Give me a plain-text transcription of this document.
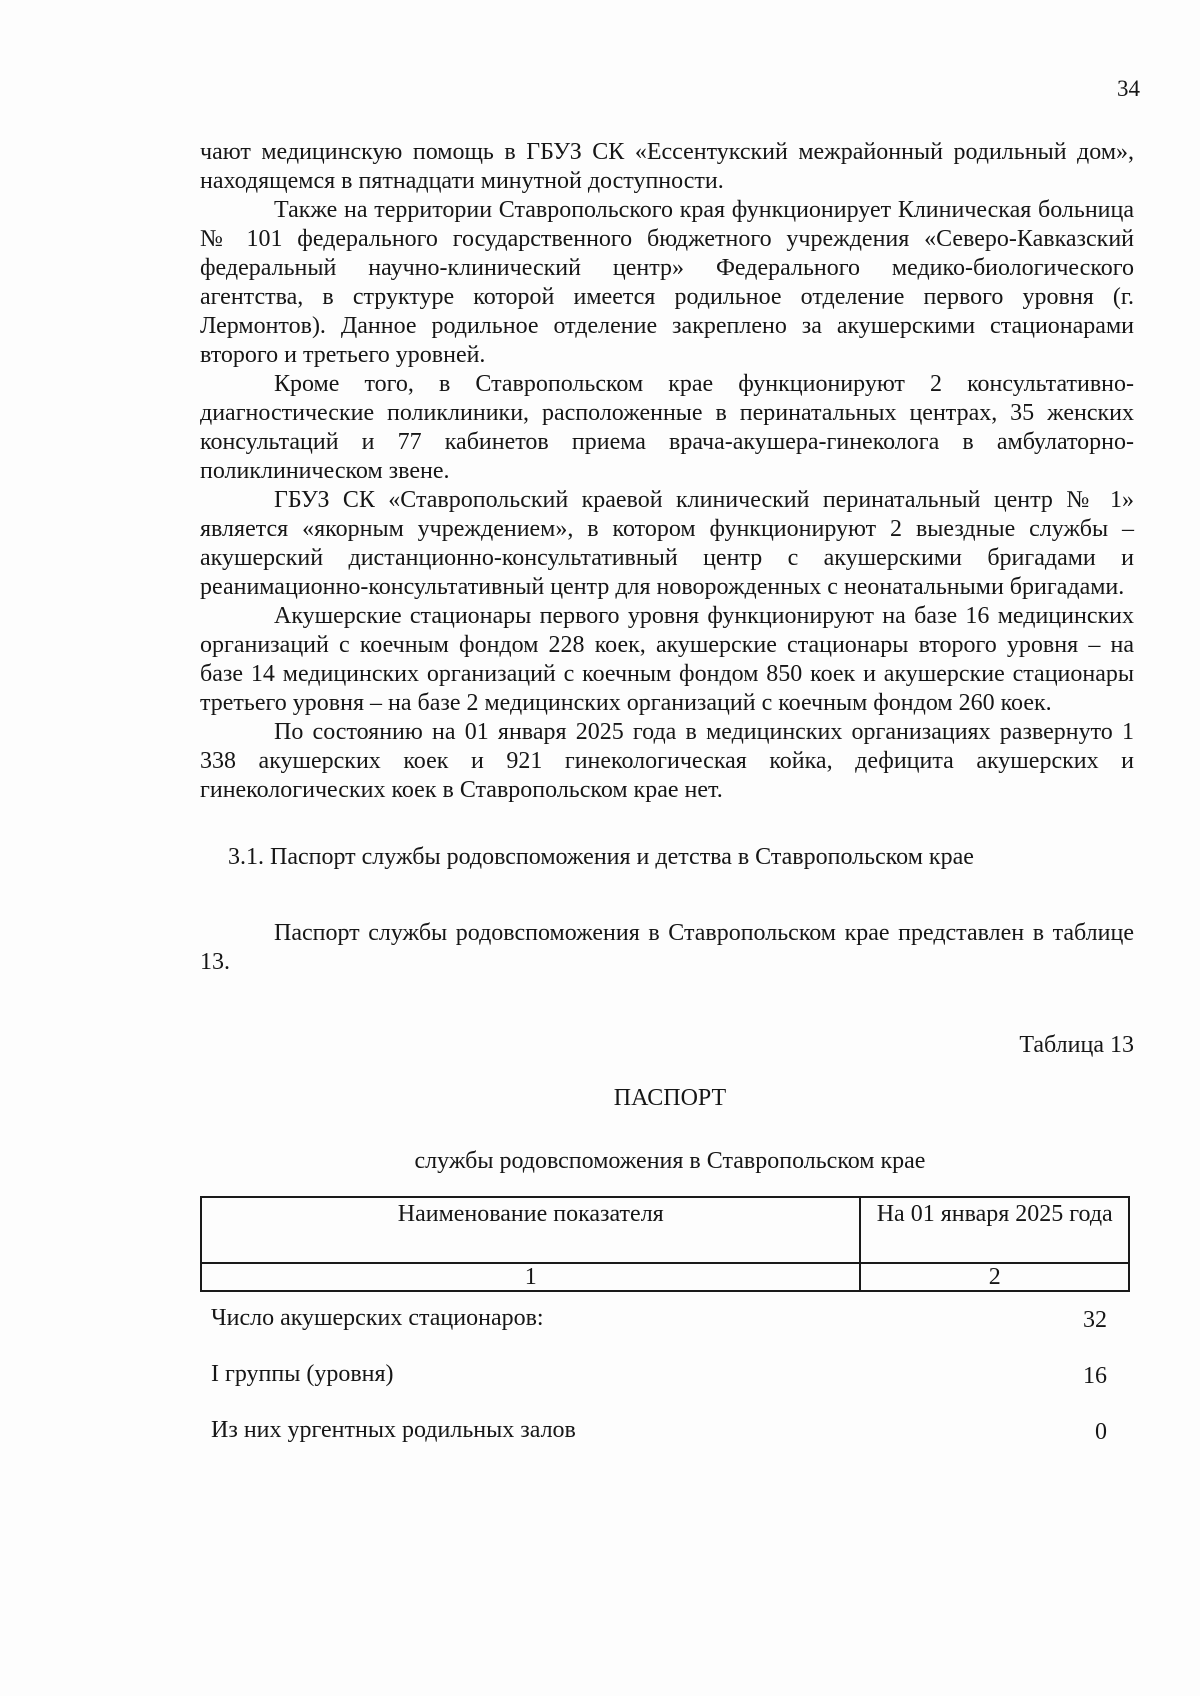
34

чают медицинскую помощь в ГБУЗ СК «Ессентукский межрайонный родильный дом», находящемся в пятнадцати минутной доступности.

Также на территории Ставропольского края функционирует Клиническая больница № 101 федерального государственного бюджетного учреждения «Северо-Кавказский федеральный научно-клинический центр» Федерального медико-биологического агентства, в структуре которой имеется родильное отделение первого уровня (г. Лермонтов). Данное родильное отделение закреплено за акушерскими стационарами второго и третьего уровней.

Кроме того, в Ставропольском крае функционируют 2 консультативно-диагностические поликлиники, расположенные в перинатальных центрах, 35 женских консультаций и 77 кабинетов приема врача-акушера-гинеколога в амбулаторно-поликлиническом звене.

ГБУЗ СК «Ставропольский краевой клинический перинатальный центр № 1» является «якорным учреждением», в котором функционируют 2 выездные службы – акушерский дистанционно-консультативный центр с акушерскими бригадами и реанимационно-консультативный центр для новорожденных с неонатальными бригадами.

Акушерские стационары первого уровня функционируют на базе 16 медицинских организаций с коечным фондом 228 коек, акушерские стационары второго уровня – на базе 14 медицинских организаций с коечным фондом 850 коек и акушерские стационары третьего уровня – на базе 2 медицинских организаций с коечным фондом 260 коек.

По состоянию на 01 января 2025 года в медицинских организациях развернуто 1 338 акушерских коек и 921 гинекологическая койка, дефицита акушерских и гинекологических коек в Ставропольском крае нет.

3.1. Паспорт службы родовспоможения и детства в Ставропольском крае

Паспорт службы родовспоможения в Ставропольском крае представлен в таблице 13.

Таблица 13

ПАСПОРТ

службы родовспоможения в Ставропольском крае

Наименование показателя	На 01 января 2025 года
1	2
Число акушерских стационаров:	32
I группы (уровня)	16
Из них ургентных родильных залов	0
